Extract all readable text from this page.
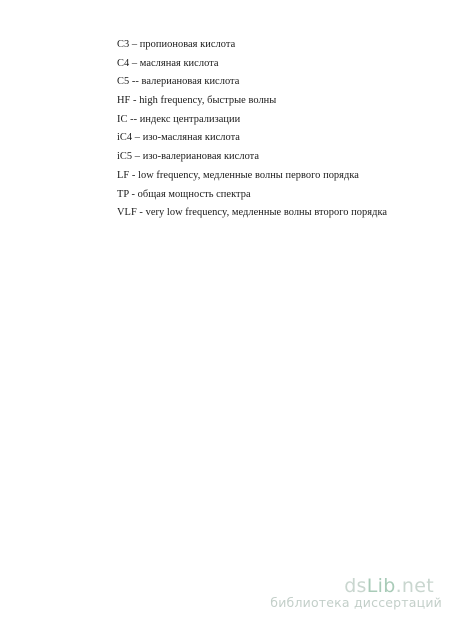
C3 – пропионовая кислота
C4 – масляная кислота
C5 -- валериановая кислота
HF - high frequency, быстрые волны
IC -- индекс централизации
iC4 – изо-масляная кислота
iC5 – изо-валериановая кислота
LF - low frequency, медленные волны первого порядка
TP - общая мощность спектра
VLF - very low frequency, медленные волны второго порядка
dsLib.net
библиотека диссертаций
